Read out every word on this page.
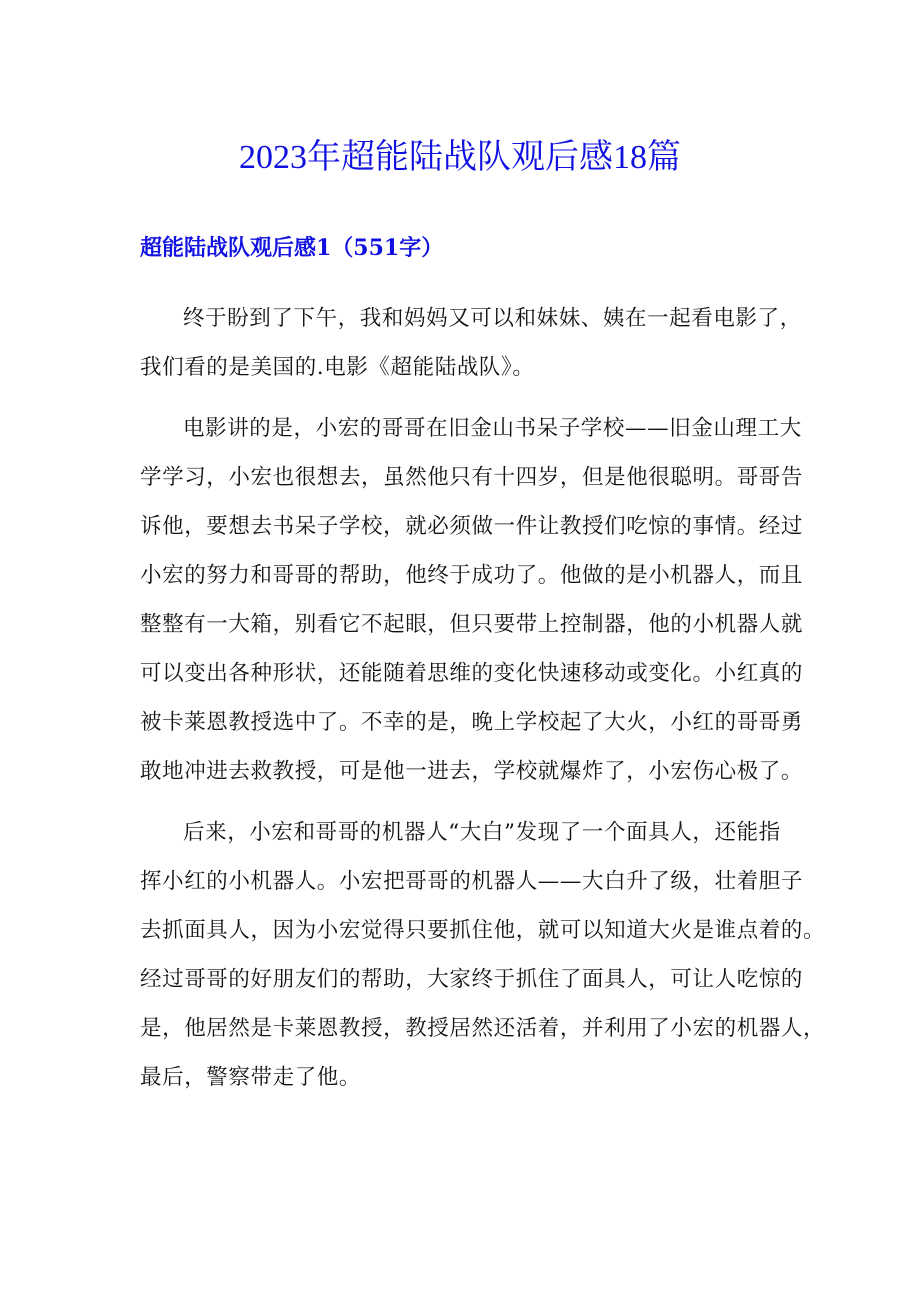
2023年超能陆战队观后感18篇
超能陆战队观后感1（551字）
终于盼到了下午，我和妈妈又可以和妹妹、姨在一起看电影了，
我们看的是美国的.电影《超能陆战队》。
电影讲的是，小宏的哥哥在旧金山书呆子学校——旧金山理工大
学学习，小宏也很想去，虽然他只有十四岁，但是他很聪明。哥哥告
诉他，要想去书呆子学校，就必须做一件让教授们吃惊的事情。经过
小宏的努力和哥哥的帮助，他终于成功了。他做的是小机器人，而且
整整有一大箱，别看它不起眼，但只要带上控制器，他的小机器人就
可以变出各种形状，还能随着思维的变化快速移动或变化。小红真的
被卡莱恩教授选中了。不幸的是，晚上学校起了大火，小红的哥哥勇
敢地冲进去救教授，可是他一进去，学校就爆炸了，小宏伤心极了。
后来，小宏和哥哥的机器人“大白”发现了一个面具人，还能指
挥小红的小机器人。小宏把哥哥的机器人——大白升了级，壮着胆子
去抓面具人，因为小宏觉得只要抓住他，就可以知道大火是谁点着的。
经过哥哥的好朋友们的帮助，大家终于抓住了面具人，可让人吃惊的
是，他居然是卡莱恩教授，教授居然还活着，并利用了小宏的机器人，
最后，警察带走了他。
